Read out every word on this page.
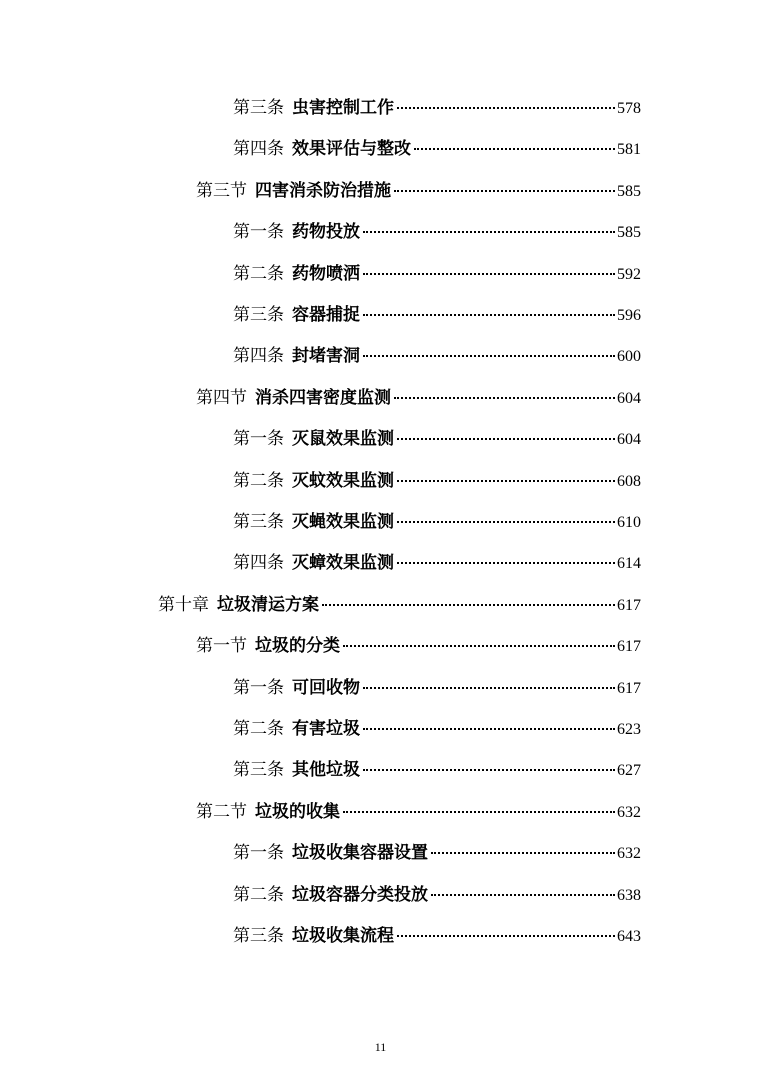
第三条 虫害控制工作	578
第四条 效果评估与整改	581
第三节 四害消杀防治措施	585
第一条 药物投放	585
第二条 药物喷洒	592
第三条 容器捕捉	596
第四条 封堵害洞	600
第四节 消杀四害密度监测	604
第一条 灭鼠效果监测	604
第二条 灭蚊效果监测	608
第三条 灭蝇效果监测	610
第四条 灭蟑效果监测	614
第十章 垃圾清运方案	617
第一节 垃圾的分类	617
第一条 可回收物	617
第二条 有害垃圾	623
第三条 其他垃圾	627
第二节 垃圾的收集	632
第一条 垃圾收集容器设置	632
第二条 垃圾容器分类投放	638
第三条 垃圾收集流程	643
11
